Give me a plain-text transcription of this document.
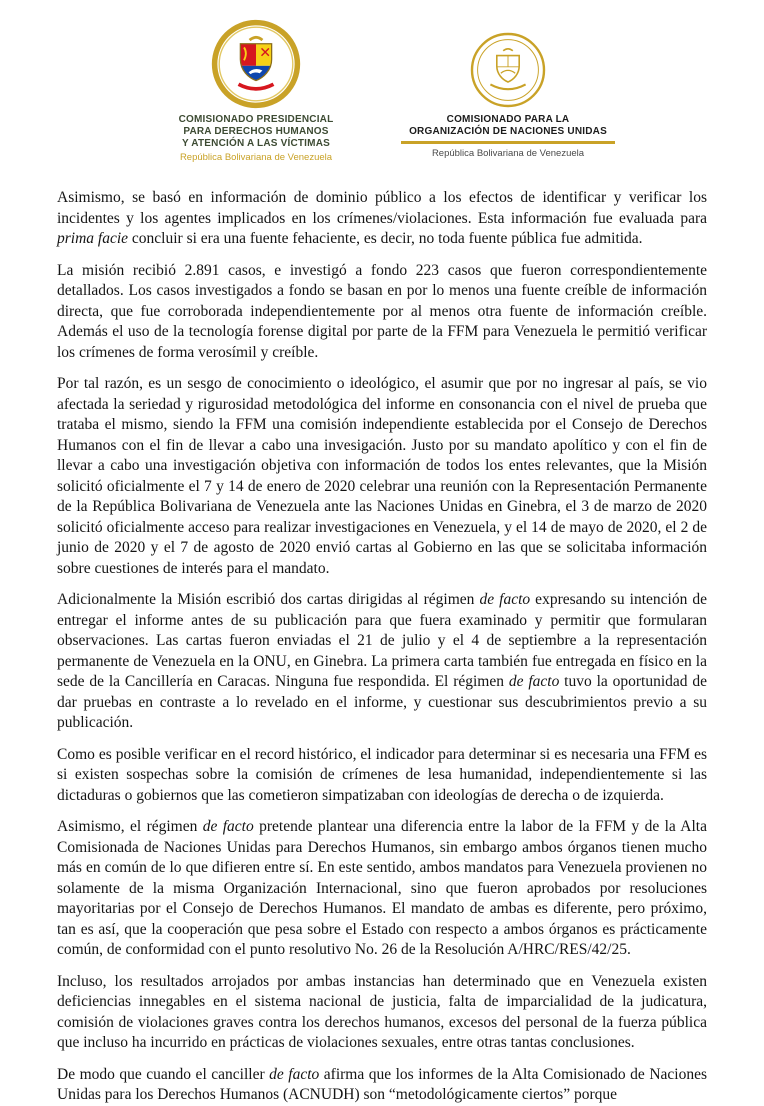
COMISIONADO PRESIDENCIAL
PARA DERECHOS HUMANOS
Y ATENCIÓN A LAS VÍCTIMAS
República Bolivariana de Venezuela
COMISIONADO PARA LA
ORGANIZACIÓN DE NACIONES UNIDAS
República Bolivariana de Venezuela

Asimismo, se basó en información de dominio público a los efectos de identificar y verificar los incidentes y los agentes implicados en los crímenes/violaciones. Esta información fue evaluada para prima facie concluir si era una fuente fehaciente, es decir, no toda fuente pública fue admitida.

La misión recibió 2.891 casos, e investigó a fondo 223 casos que fueron correspondientemente detallados. Los casos investigados a fondo se basan en por lo menos una fuente creíble de información directa, que fue corroborada independientemente por al menos otra fuente de información creíble. Además el uso de la tecnología forense digital por parte de la FFM para Venezuela le permitió verificar los crímenes de forma verosímil y creíble.

Por tal razón, es un sesgo de conocimiento o ideológico, el asumir que por no ingresar al país, se vio afectada la seriedad y rigurosidad metodológica del informe en consonancia con el nivel de prueba que trataba el mismo, siendo la FFM una comisión independiente establecida por el Consejo de Derechos Humanos con el fin de llevar a cabo una invesigación. Justo por su mandato apolítico y con el fin de llevar a cabo una investigación objetiva con información de todos los entes relevantes, que la Misión solicitó oficialmente el 7 y 14 de enero de 2020 celebrar una reunión con la Representación Permanente de la República Bolivariana de Venezuela ante las Naciones Unidas en Ginebra, el 3 de marzo de 2020 solicitó oficialmente acceso para realizar investigaciones en Venezuela, y el 14 de mayo de 2020, el 2 de junio de 2020 y el 7 de agosto de 2020 envió cartas al Gobierno en las que se solicitaba información sobre cuestiones de interés para el mandato.

Adicionalmente la Misión escribió dos cartas dirigidas al régimen de facto expresando su intención de entregar el informe antes de su publicación para que fuera examinado y permitir que formularan observaciones. Las cartas fueron enviadas el 21 de julio y el 4 de septiembre a la representación permanente de Venezuela en la ONU, en Ginebra. La primera carta también fue entregada en físico en la sede de la Cancillería en Caracas. Ninguna fue respondida. El régimen de facto tuvo la oportunidad de dar pruebas en contraste a lo revelado en el informe, y cuestionar sus descubrimientos previo a su publicación.

Como es posible verificar en el record histórico, el indicador para determinar si es necesaria una FFM es si existen sospechas sobre la comisión de crímenes de lesa humanidad, independientemente si las dictaduras o gobiernos que las cometieron simpatizaban con ideologías de derecha o de izquierda.

Asimismo, el régimen de facto pretende plantear una diferencia entre la labor de la FFM y de la Alta Comisionada de Naciones Unidas para Derechos Humanos, sin embargo ambos órganos tienen mucho más en común de lo que difieren entre sí. En este sentido, ambos mandatos para Venezuela provienen no solamente de la misma Organización Internacional, sino que fueron aprobados por resoluciones mayoritarias por el Consejo de Derechos Humanos. El mandato de ambas es diferente, pero próximo, tan es así, que la cooperación que pesa sobre el Estado con respecto a ambos órganos es prácticamente común, de conformidad con el punto resolutivo No. 26 de la Resolución A/HRC/RES/42/25.

Incluso, los resultados arrojados por ambas instancias han determinado que en Venezuela existen deficiencias innegables en el sistema nacional de justicia, falta de imparcialidad de la judicatura, comisión de violaciones graves contra los derechos humanos, excesos del personal de la fuerza pública que incluso ha incurrido en prácticas de violaciones sexuales, entre otras tantas conclusiones.

De modo que cuando el canciller de facto afirma que los informes de la Alta Comisionado de Naciones Unidas para los Derechos Humanos (ACNUDH) son “metodológicamente ciertos” porque
